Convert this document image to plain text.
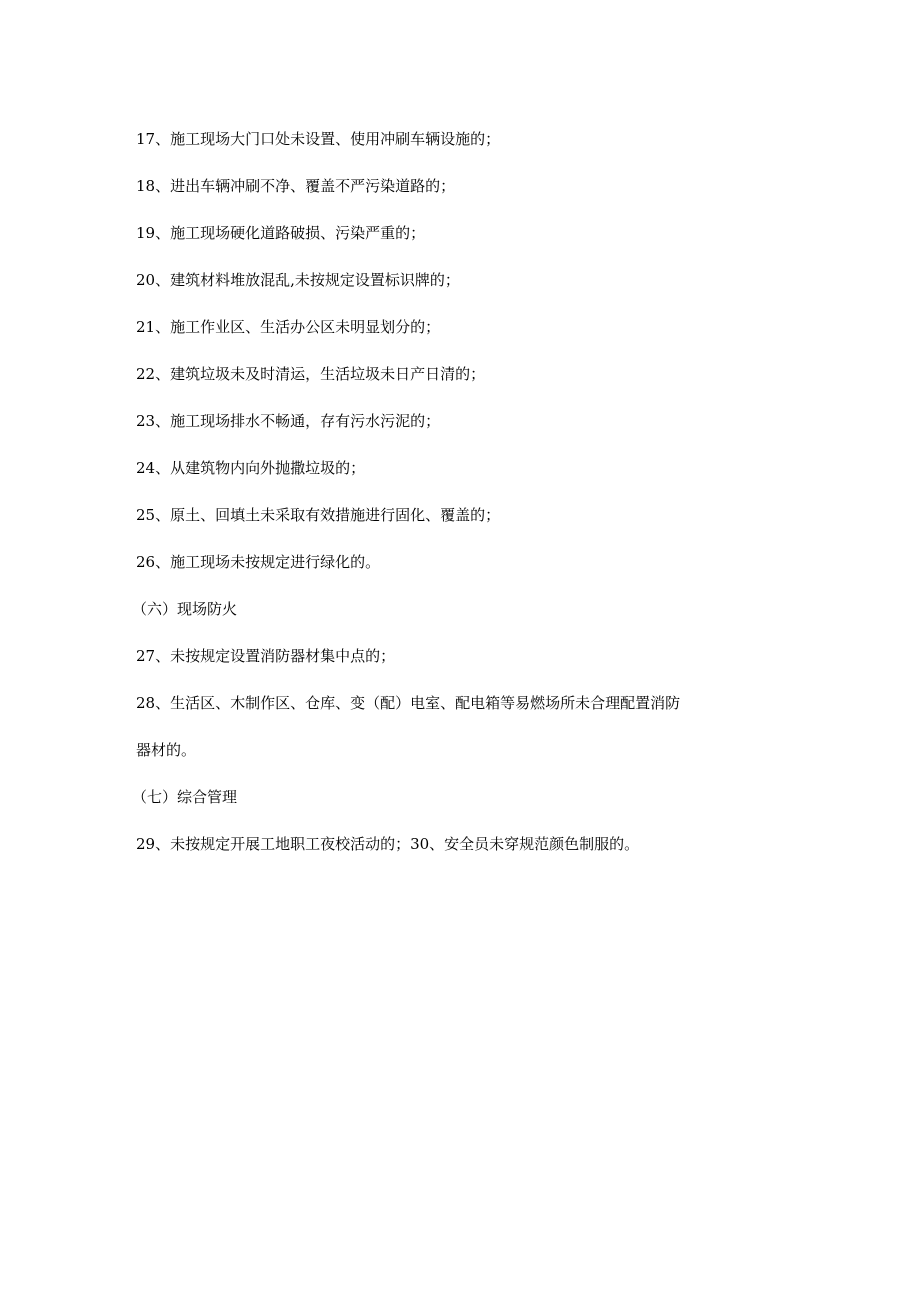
17、施工现场大门口处未设置、使用冲刷车辆设施的；
18、进出车辆冲刷不净、覆盖不严污染道路的；
19、施工现场硬化道路破损、污染严重的；
20、建筑材料堆放混乱,未按规定设置标识牌的；
21、施工作业区、生活办公区未明显划分的；
22、建筑垃圾未及时清运，生活垃圾未日产日清的；
23、施工现场排水不畅通，存有污水污泥的；
24、从建筑物内向外抛撒垃圾的；
25、原土、回填土未采取有效措施进行固化、覆盖的；
26、施工现场未按规定进行绿化的。
（六）现场防火
27、未按规定设置消防器材集中点的；
28、生活区、木制作区、仓库、变（配）电室、配电箱等易燃场所未合理配置消防
器材的。
（七）综合管理
29、未按规定开展工地职工夜校活动的；30、安全员未穿规范颜色制服的。
